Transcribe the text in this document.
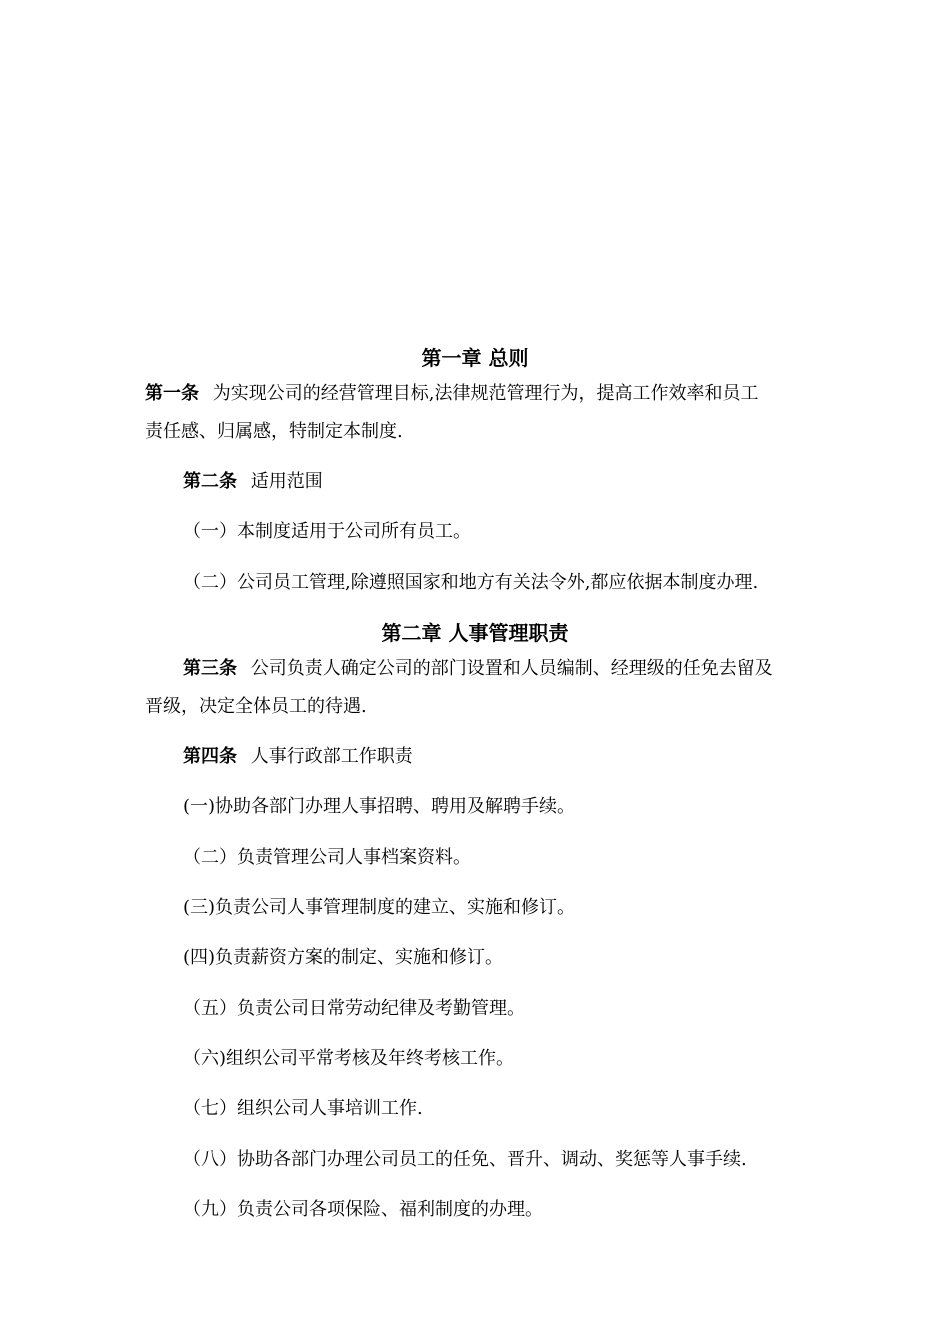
第一章 总则
第一条 为实现公司的经营管理目标,法律规范管理行为，提高工作效率和员工
责任感、归属感，特制定本制度.
第二条 适用范围
（一）本制度适用于公司所有员工。
（二）公司员工管理,除遵照国家和地方有关法令外,都应依据本制度办理.
第二章 人事管理职责
第三条 公司负责人确定公司的部门设置和人员编制、经理级的任免去留及
晋级，决定全体员工的待遇.
第四条 人事行政部工作职责
(一)协助各部门办理人事招聘、聘用及解聘手续。
（二）负责管理公司人事档案资料。
(三)负责公司人事管理制度的建立、实施和修订。
(四)负责薪资方案的制定、实施和修订。
（五）负责公司日常劳动纪律及考勤管理。
（六)组织公司平常考核及年终考核工作。
（七）组织公司人事培训工作.
（八）协助各部门办理公司员工的任免、晋升、调动、奖惩等人事手续.
（九）负责公司各项保险、福利制度的办理。
